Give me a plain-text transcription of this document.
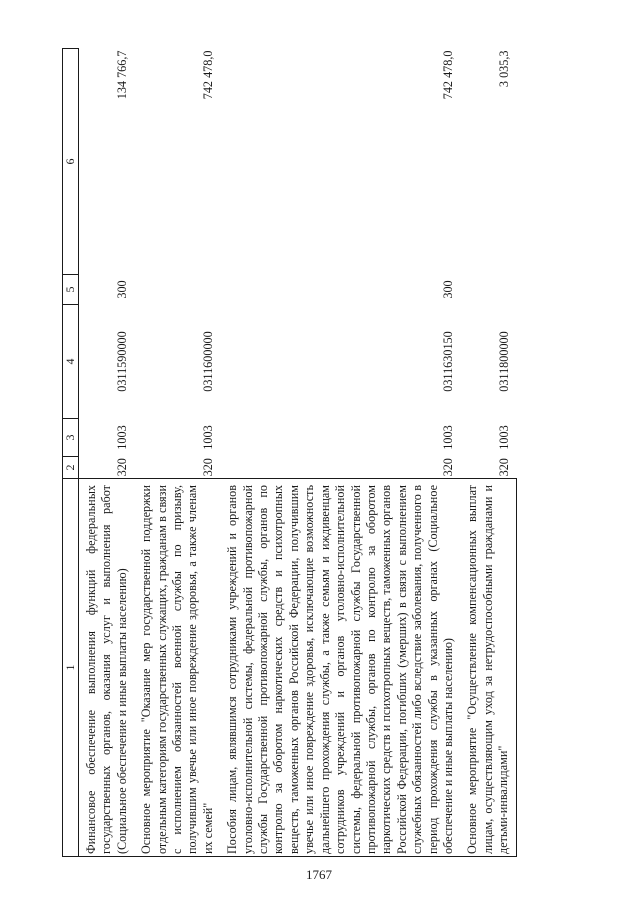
1767
1	2	3	4	5	6
Финансовое обеспечение выполнения функций федеральных государственных органов, оказания услуг и выполнения работ (Социальное обеспечение и иные выплаты населению)	320	1003	0311590000	300	134 766,7
Основное мероприятие "Оказание мер государственной поддержки отдельным категориям государственных служащих, гражданам в связи с исполнением обязанностей военной службы по призыву, получившим увечье или иное повреждение здоровья, а также членам их семей"	320	1003	0311600000		742 478,0
Пособия лицам, являвшимся сотрудниками учреждений и органов уголовно-исполнительной системы, федеральной противопожарной службы Государственной противопожарной службы, органов по контролю за оборотом наркотических средств и психотропных веществ, таможенных органов Российской Федерации, получившим увечье или иное повреждение здоровья, исключающие возможность дальнейшего прохождения службы, а также семьям и иждивенцам сотрудников учреждений и органов уголовно-исполнительной системы, федеральной противопожарной службы Государственной противопожарной службы, органов по контролю за оборотом наркотических средств и психотропных веществ, таможенных органов Российской Федерации, погибших (умерших) в связи с выполнением служебных обязанностей либо вследствие заболевания, полученного в период прохождения службы в указанных органах (Социальное обеспечение и иные выплаты населению)	320	1003	0311630150	300	742 478,0
Основное мероприятие "Осуществление компенсационных выплат лицам, осуществляющим уход за нетрудоспособными гражданами и детьми-инвалидами"	320	1003	0311800000		3 035,3
